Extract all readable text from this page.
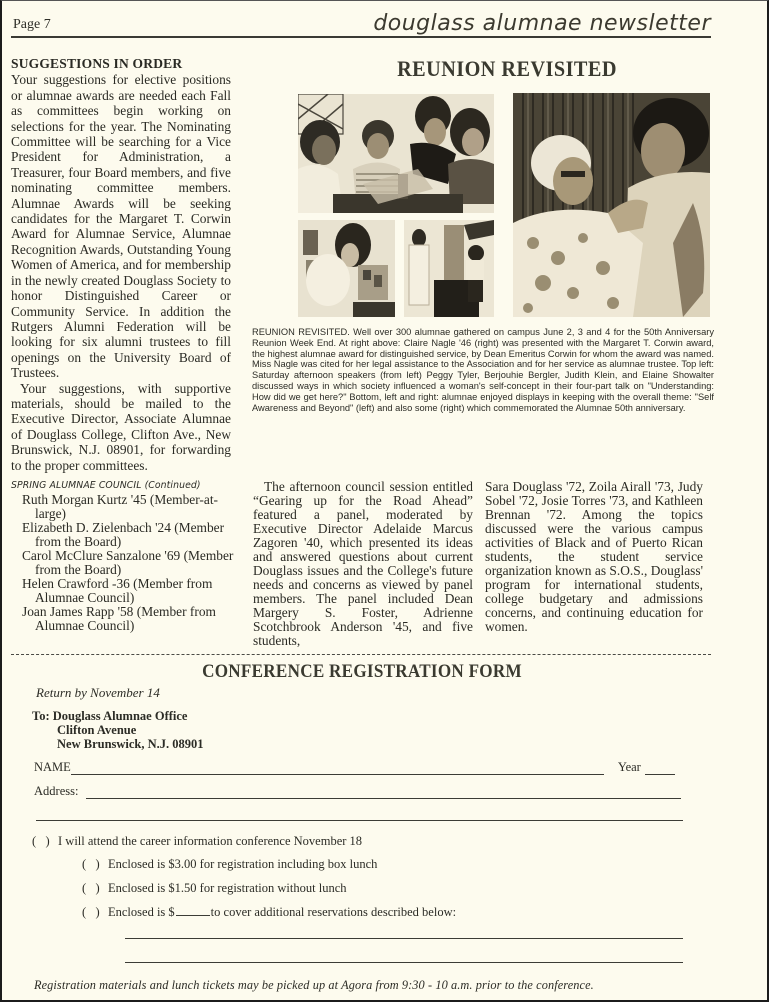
Page 7	douglass alumnae newsletter
SUGGESTIONS IN ORDER

Your suggestions for elective positions or alumnae awards are needed each Fall as committees begin working on selections for the year. The Nominating Committee will be searching for a Vice President for Administration, a Treasurer, four Board members, and five nominating committee members. Alumnae Awards will be seeking candidates for the Margaret T. Corwin Award for Alumnae Service, Alumnae Recognition Awards, Outstanding Young Women of America, and for membership in the newly created Douglass Society to honor Distinguished Career or Community Service. In addition the Rutgers Alumni Federation will be looking for six alumni trustees to fill openings on the University Board of Trustees.

Your suggestions, with supportive materials, should be mailed to the Executive Director, Associate Alumnae of Douglass College, Clifton Ave., New Brunswick, N.J. 08901, for forwarding to the proper committees.

REUNION REVISITED

REUNION REVISITED. Well over 300 alumnae gathered on campus June 2, 3 and 4 for the 50th Anniversary Reunion Week End. At right above: Claire Nagle '46 (right) was presented with the Margaret T. Corwin award, the highest alumnae award for distinguished service, by Dean Emeritus Corwin for whom the award was named. Miss Nagle was cited for her legal assistance to the Association and for her service as alumnae trustee. Top left: Saturday afternoon speakers (from left) Peggy Tyler, Berjouhie Bergler, Judith Klein, and Elaine Showalter discussed ways in which society influenced a woman's self-concept in their four-part talk on "Understanding: How did we get here?" Bottom, left and right: alumnae enjoyed displays in keeping with the overall theme: "Self Awareness and Beyond" (left) and also some (right) which commemorated the Alumnae 50th anniversary.

SPRING ALUMNAE COUNCIL (Continued)
Ruth Morgan Kurtz '45 (Member-at-large)
Elizabeth D. Zielenbach '24 (Member from the Board)
Carol McClure Sanzalone '69 (Member from the Board)
Helen Crawford -36 (Member from Alumnae Council)
Joan James Rapp '58 (Member from Alumnae Council)

The afternoon council session entitled “Gearing up for the Road Ahead” featured a panel, moderated by Executive Director Adelaide Marcus Zagoren '40, which presented its ideas and answered questions about current Douglass issues and the College's future needs and concerns as viewed by panel members. The panel included Dean Margery S. Foster, Adrienne Scotchbrook Anderson '45, and five students,

Sara Douglass '72, Zoila Airall '73, Judy Sobel '72, Josie Torres '73, and Kathleen Brennan '72. Among the topics discussed were the various campus activities of Black and of Puerto Rican students, the student service organization known as S.O.S., Douglass' program for international students, college budgetary and admissions concerns, and continuing education for women.

CONFERENCE REGISTRATION FORM
Return by November 14
To: Douglass Alumnae Office
Clifton Avenue
New Brunswick, N.J. 08901
NAME	Year
Address:
(   ) I will attend the career information conference November 18
(   ) Enclosed is $3.00 for registration including box lunch
(   ) Enclosed is $1.50 for registration without lunch
(   ) Enclosed is $	to cover additional reservations described below:
Registration materials and lunch tickets may be picked up at Agora from 9:30 - 10 a.m. prior to the conference.
